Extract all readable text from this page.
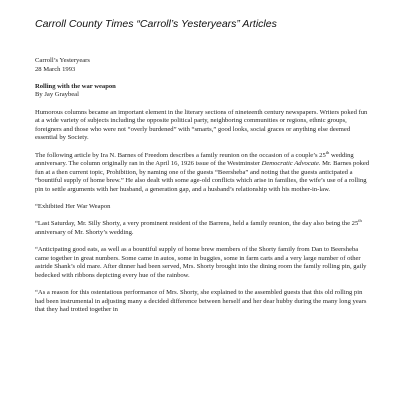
Carroll County Times “Carroll’s Yesteryears” Articles

Carroll’s Yesteryears

28 March 1993

Rolling with the war weapon

By Jay Graybeal

Humorous columns became an important element in the literary sections of nineteenth century newspapers. Writers poked fun at a wide variety of subjects including the opposite political party, neighboring communities or regions, ethnic groups, foreigners and those who were not “overly burdened” with “smarts,” good looks, social graces or anything else deemed essential by Society.

The following article by Ira N. Barnes of Freedom describes a family reunion on the occasion of a couple’s 25th wedding anniversary. The column originally ran in the April 16, 1926 issue of the Westminster Democratic Advocate. Mr. Barnes poked fun at a then current topic, Prohibition, by naming one of the guests “Beersheba” and noting that the guests anticipated a “bountiful supply of home brew.” He also dealt with some age-old conflicts which arise in families, the wife’s use of a rolling pin to settle arguments with her husband, a generation gap, and a husband’s relationship with his mother-in-law.

“Exhibited Her War Weapon

“Last Saturday, Mr. Silly Shorty, a very prominent resident of the Barrens, held a family reunion, the day also being the 25th anniversary of Mr. Shorty’s wedding.

“Anticipating good eats, as well as a bountiful supply of home brew members of the Shorty family from Dan to Beersheba came together in great numbers. Some came in autos, some in buggies, some in farm carts and a very large number of other astride Shank’s old mare. After dinner had been served, Mrs. Shorty brought into the dining room the family rolling pin, gaily bedecked with ribbons depicting every hue of the rainbow.

“As a reason for this ostentatious performance of Mrs. Shorty, she explained to the assembled guests that this old rolling pin had been instrumental in adjusting many a decided difference between herself and her dear hubby during the many long years that they had trotted together in
